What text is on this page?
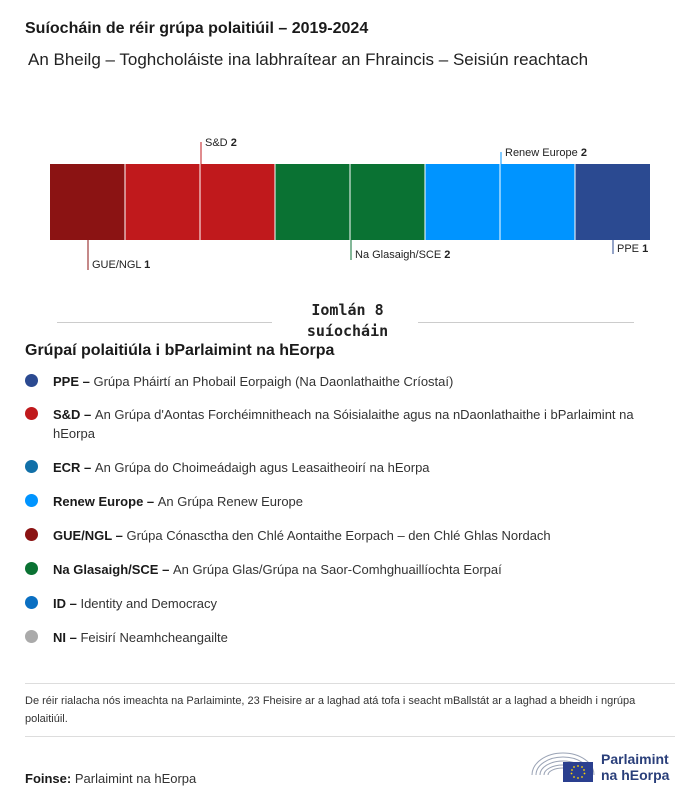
Suíocháin de réir grúpa polaitiúil – 2019-2024
An Bheilg – Toghcholáiste ina labhraítear an Fhraincis – Seisiún reachtach
GUE/NGL 1
S&D 2
Na Glasaigh/SCE 2
Renew Europe 2
PPE 1
Iomlán 8
suíocháin
Grúpaí polaitiúla i bParlaimint na hEorpa
PPE – Grúpa Pháirtí an Phobail Eorpaigh (Na Daonlathaithe Críostaí)
S&D – An Grúpa d'Aontas Forchéimnitheach na Sóisialaithe agus na nDaonlathaithe i bParlaimint na hEorpa
ECR – An Grúpa do Choimeádaigh agus Leasaitheoirí na hEorpa
Renew Europe – An Grúpa Renew Europe
GUE/NGL – Grúpa Cónasctha den Chlé Aontaithe Eorpach – den Chlé Ghlas Nordach
Na Glasaigh/SCE – An Grúpa Glas/Grúpa na Saor-Comhghuaillíochta Eorpaí
ID – Identity and Democracy
NI – Feisirí Neamhcheangailte
De réir rialacha nós imeachta na Parlaiminte, 23 Fheisire ar a laghad atá tofa i seacht mBallstát ar a laghad a bheidh i ngrúpa polaitiúil.
Foinse: Parlaimint na hEorpa
Parlaimint
na hEorpa
